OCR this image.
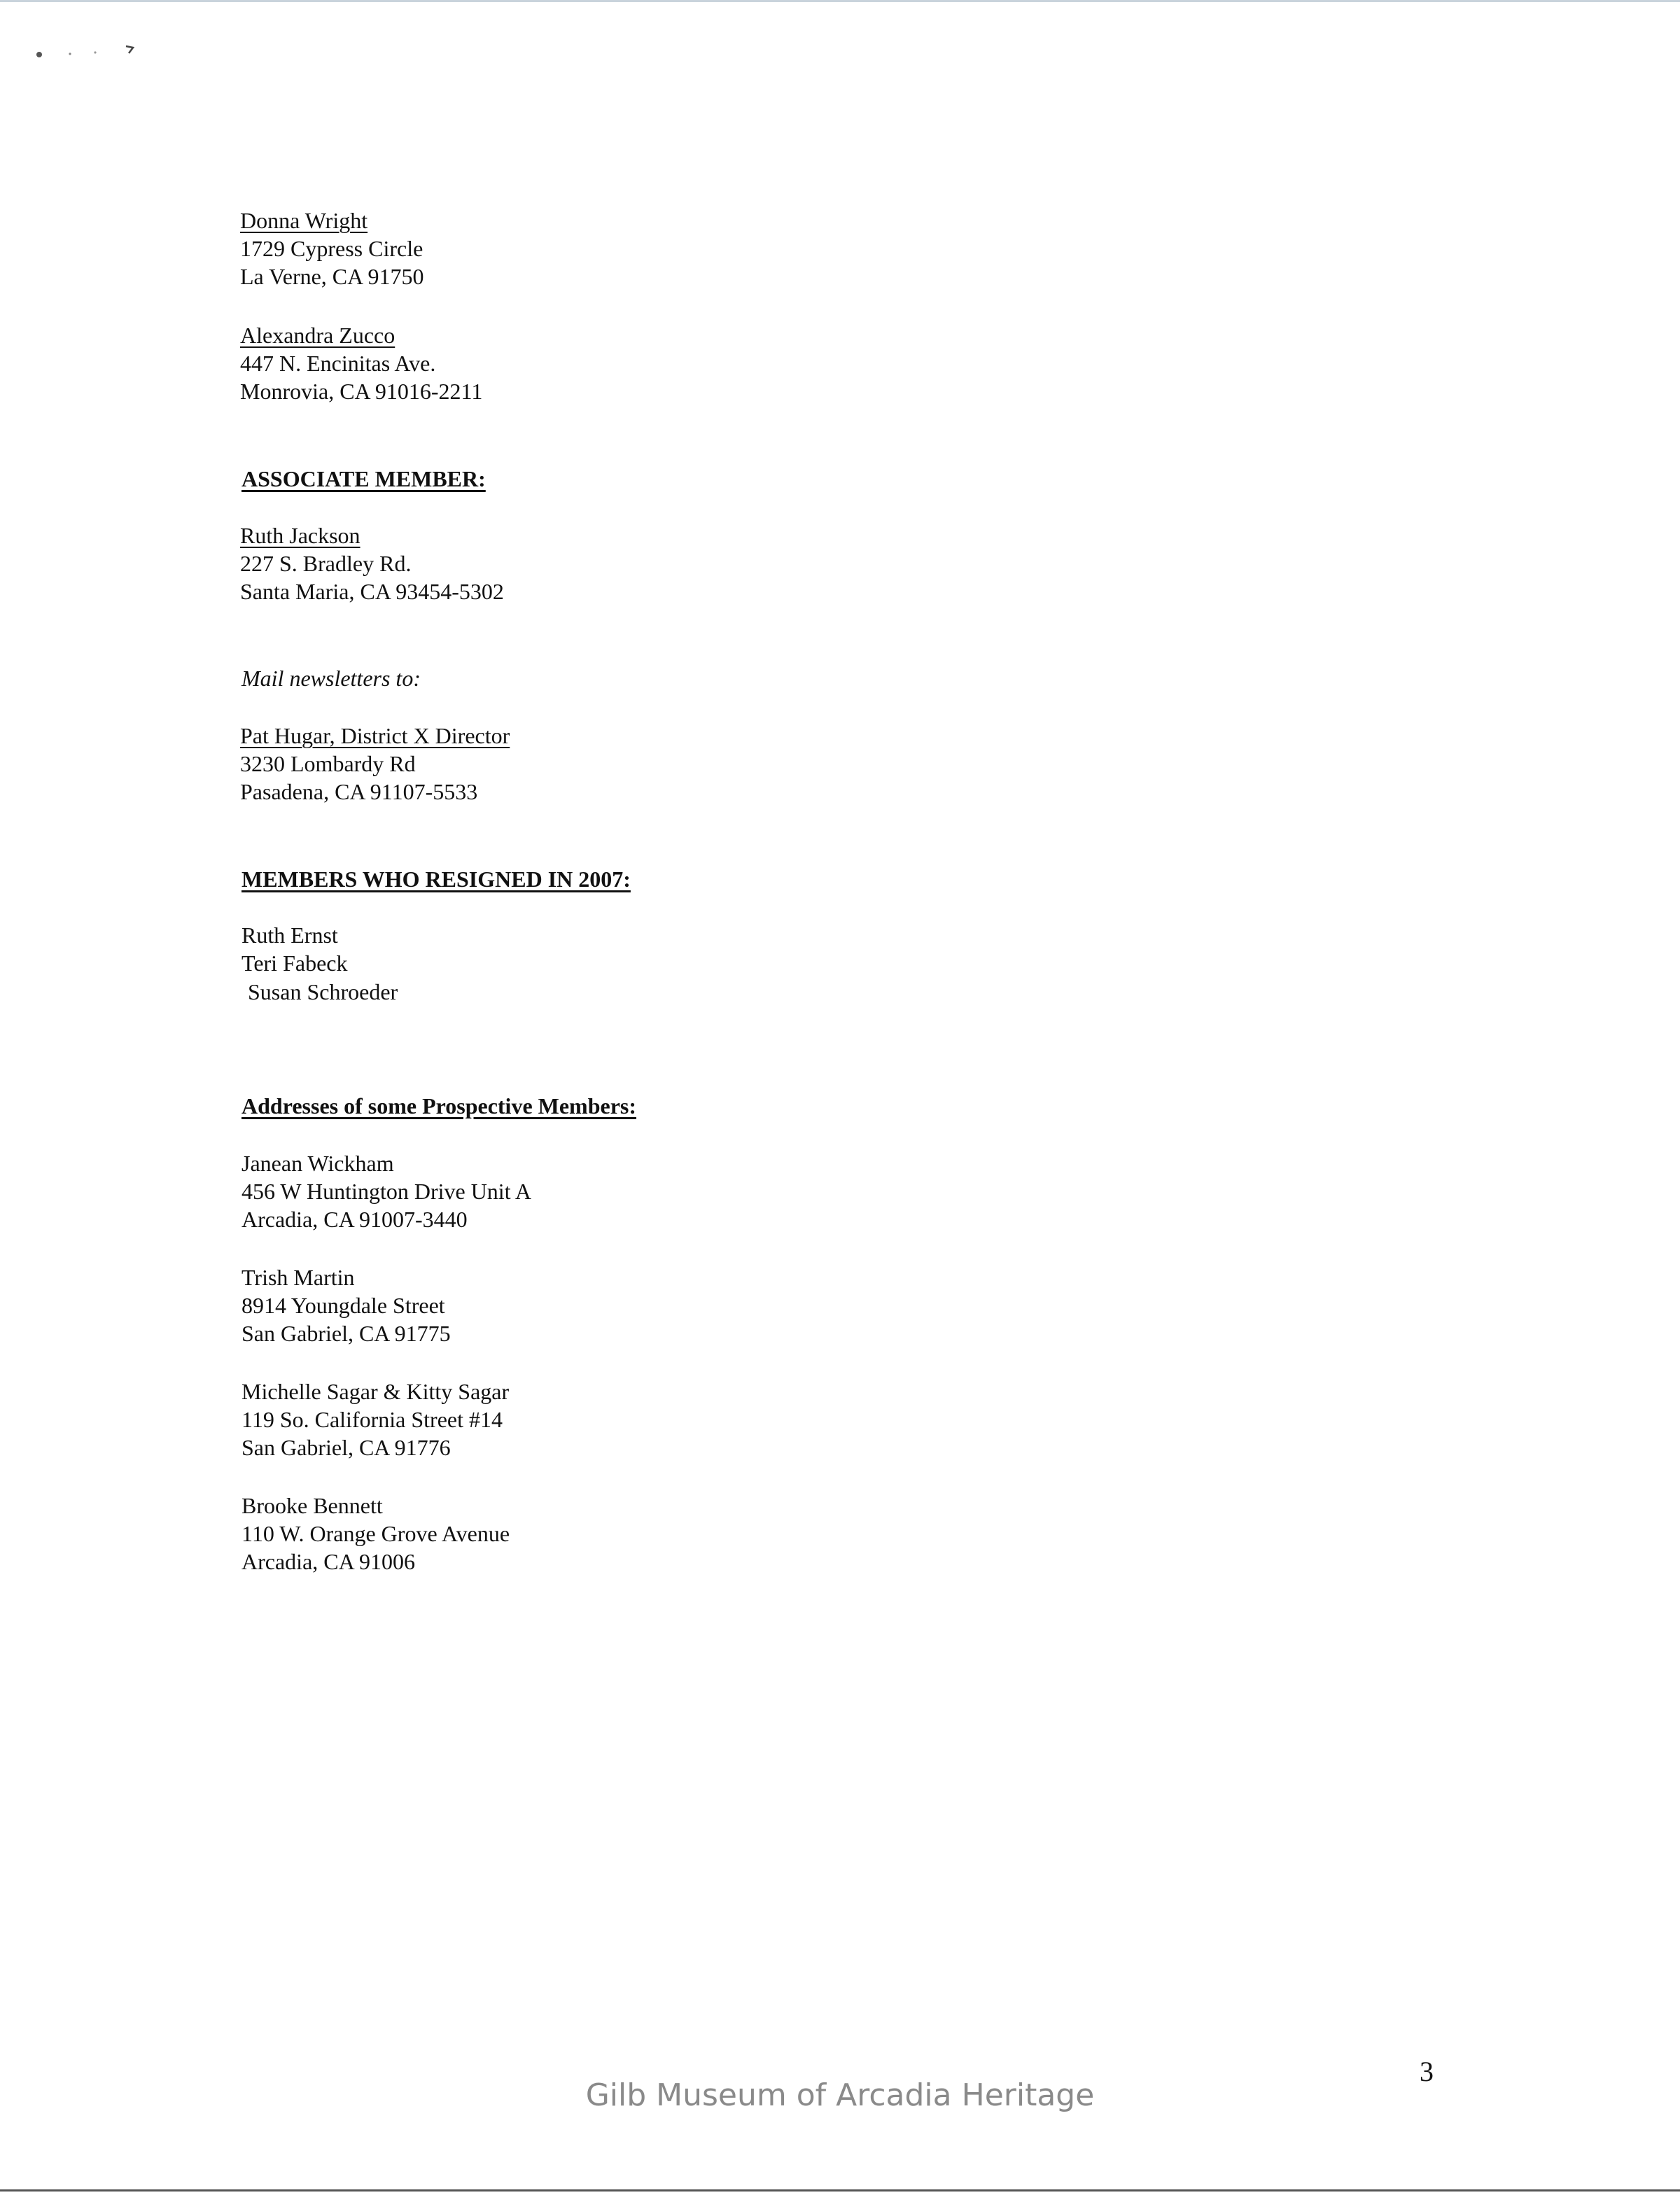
Donna Wright
1729 Cypress Circle
La Verne, CA 91750
Alexandra Zucco
447 N. Encinitas Ave.
Monrovia, CA 91016-2211
ASSOCIATE MEMBER:
Ruth Jackson
227 S. Bradley Rd.
Santa Maria, CA 93454-5302
Mail newsletters to:
Pat Hugar, District X Director
3230 Lombardy Rd
Pasadena, CA 91107-5533
MEMBERS WHO RESIGNED IN 2007:
Ruth Ernst
Teri Fabeck
Susan Schroeder
Addresses of some Prospective Members:
Janean Wickham
456 W Huntington Drive Unit A
Arcadia, CA 91007-3440
Trish Martin
8914 Youngdale Street
San Gabriel, CA 91775
Michelle Sagar & Kitty Sagar
119 So. California Street #14
San Gabriel, CA 91776
Brooke Bennett
110 W. Orange Grove Avenue
Arcadia, CA 91006
3
Gilb Museum of Arcadia Heritage
